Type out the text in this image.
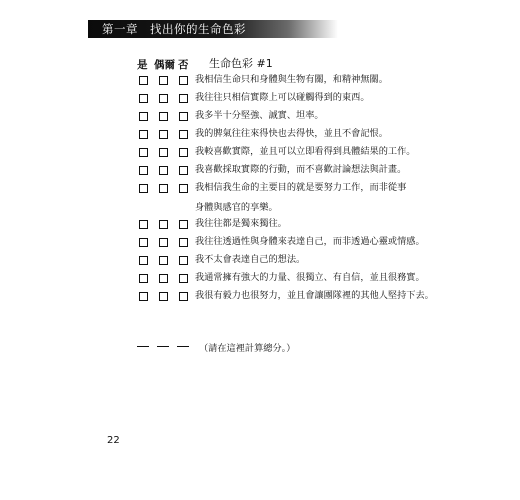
第一章　找出你的生命色彩
是 偶爾 否 生命色彩 #1
我相信生命只和身體與生物有關，和精神無關。
我往往只相信實際上可以碰觸得到的東西。
我多半十分堅強、誠實、坦率。
我的脾氣往往來得快也去得快，並且不會記恨。
我較喜歡實際，並且可以立即看得到具體結果的工作。
我喜歡採取實際的行動，而不喜歡討論想法與計畫。
我相信我生命的主要目的就是要努力工作，而非從事
身體與感官的享樂。
我往往都是獨來獨往。
我往往透過性與身體來表達自己，而非透過心靈或情感。
我不太會表達自己的想法。
我通常擁有強大的力量、很獨立、有自信，並且很務實。
我很有毅力也很努力，並且會讓團隊裡的其他人堅持下去。
（請在這裡計算總分。）
22
